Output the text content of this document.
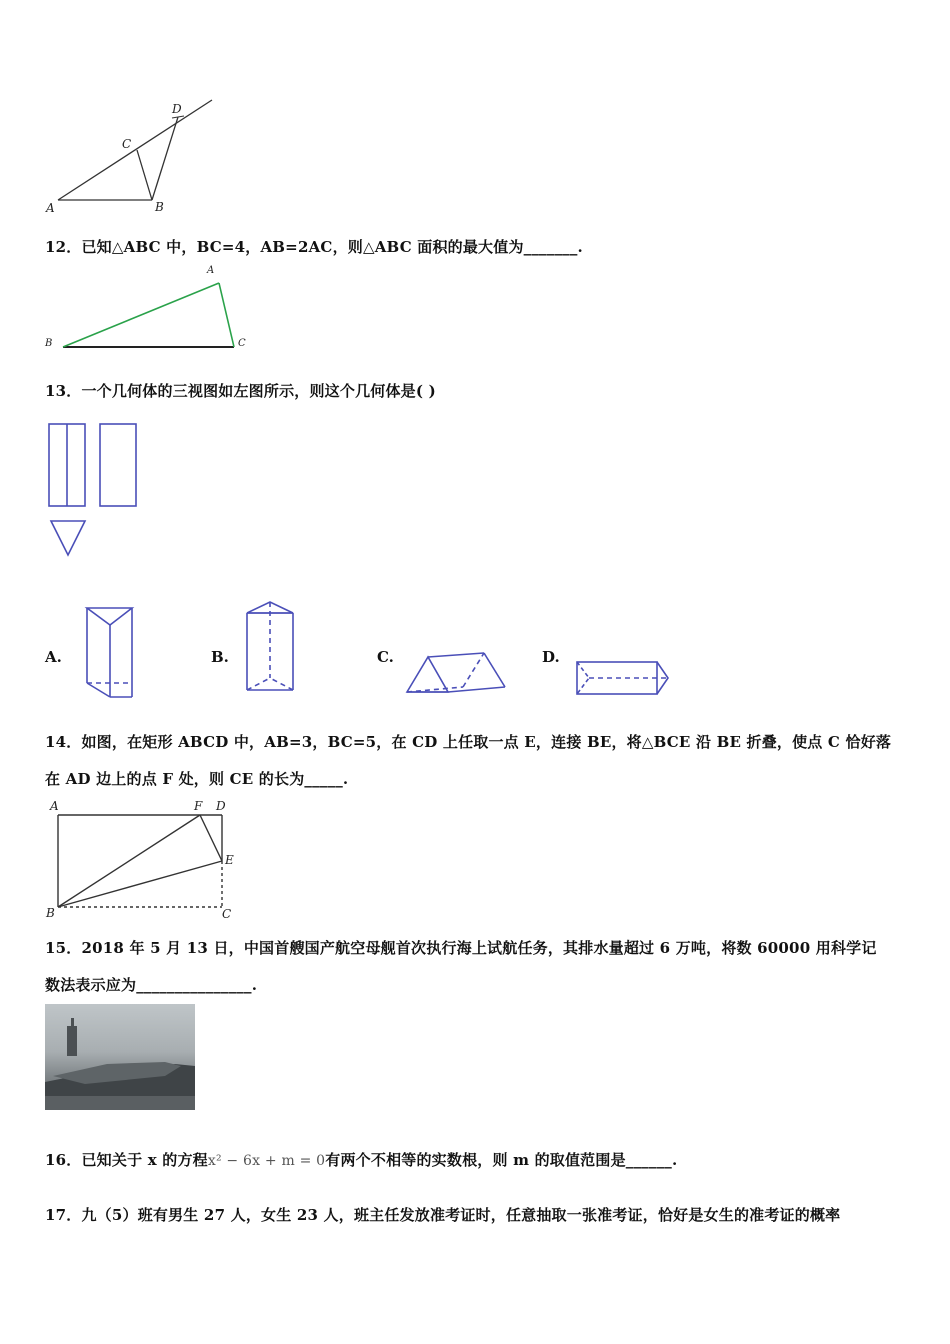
A	B
C
D
12．已知△ABC 中，BC=4，AB=2AC，则△ABC 面积的最大值为_______.
A
B	C
13．一个几何体的三视图如左图所示，则这个几何体是( )
A.	B.	C.	D.
14．如图，在矩形 ABCD 中，AB=3，BC=5，在 CD 上任取一点 E，连接 BE，将△BCE 沿 BE 折叠，使点 C 恰好落
在 AD 边上的点 F 处，则 CE 的长为_____.
A	F D
E
B	C
15．2018 年 5 月 13 日，中国首艘国产航空母舰首次执行海上试航任务，其排水量超过 6 万吨，将数 60000 用科学记
数法表示应为_______________.
16．已知关于 x 的方程x² − 6x + m = 0有两个不相等的实数根，则 m 的取值范围是______.
17．九（5）班有男生 27 人，女生 23 人，班主任发放准考证时，任意抽取一张准考证，恰好是女生的准考证的概率
